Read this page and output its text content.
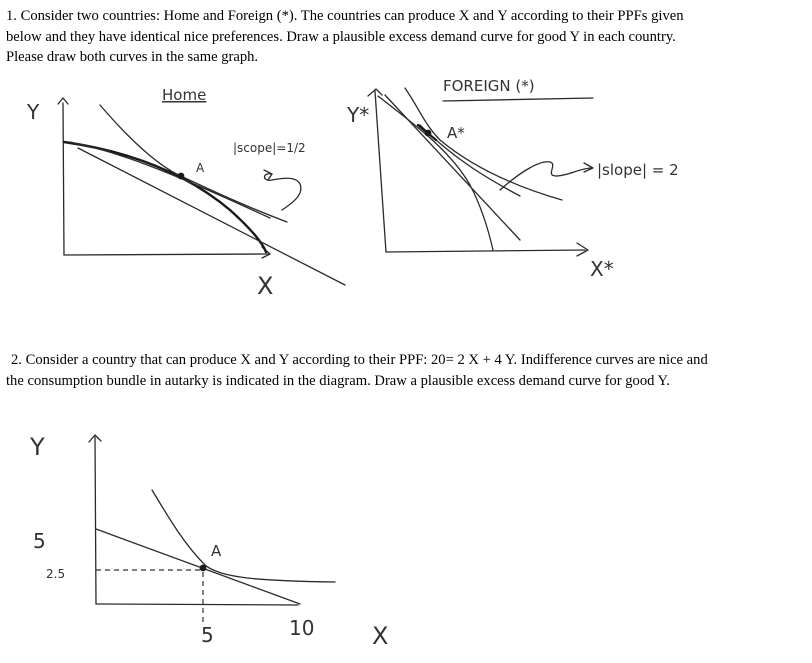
1. Consider two countries: Home and Foreign (*). The countries can produce X and Y according to their PPFs given

below and they have identical nice preferences. Draw a plausible excess demand curve for good Y in each country.

Please draw both curves in the same graph.

Y
Home
A
X
|scope|=1/2
Y*
FOREIGN (*)
A*
X*
|slope| = 2
Y
5
2.5
A
5	10 X

2. Consider a country that can produce X and Y according to their PPF: 20= 2 X + 4 Y. Indifference curves are nice and

the consumption bundle in autarky is indicated in the diagram. Draw a plausible excess demand curve for good Y.
